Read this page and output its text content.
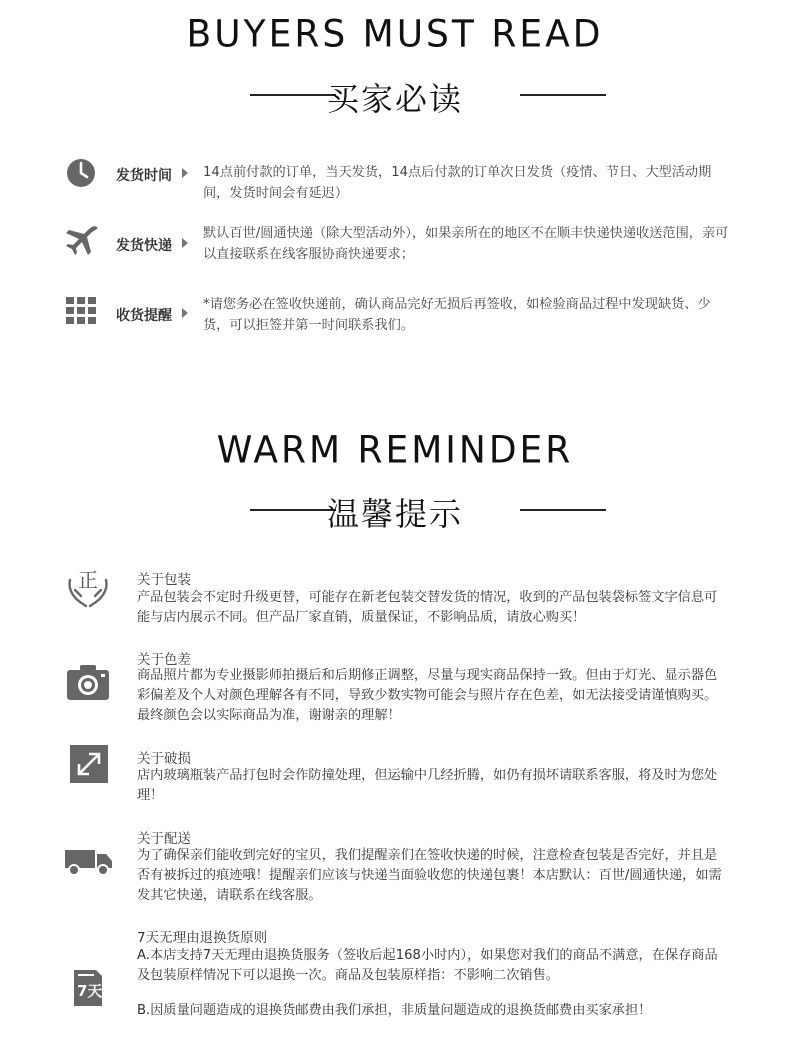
BUYERS MUST READ
买家必读
发货时间 14点前付款的订单，当天发货，14点后付款的订单次日发货（疫情、节日、大型活动期间，发货时间会有延迟）
发货快递
默认百世/圆通快递（除大型活动外），如果亲所在的地区不在顺丰快递快递收送范围，亲可以直接联系在线客服协商快递要求；
收货提醒
*请您务必在签收快递前，确认商品完好无损后再签收，如检验商品过程中发现缺货、少货，可以拒签并第一时间联系我们。
WARM REMINDER
温馨提示
正	关于包装
产品包装会不定时升级更替，可能存在新老包装交替发货的情况，收到的产品包装袋标签文字信息可能与店内展示不同。但产品厂家直销，质量保证，不影响品质，请放心购买！
关于色差
商品照片都为专业摄影师拍摄后和后期修正调整，尽量与现实商品保持一致。但由于灯光、显示器色彩偏差及个人对颜色理解各有不同，导致少数实物可能会与照片存在色差，如无法接受请谨慎购买。最终颜色会以实际商品为准，谢谢亲的理解！
关于破损
店内玻璃瓶装产品打包时会作防撞处理，但运输中几经折腾，如仍有损坏请联系客服，将及时为您处理！
关于配送
为了确保亲们能收到完好的宝贝，我们提醒亲们在签收快递的时候，注意检查包装是否完好，并且是否有被拆过的痕迹哦！提醒亲们应该与快递当面验收您的快递包裹！本店默认：百世/圆通快递，如需发其它快递，请联系在线客服。
7天
7天无理由退换货原则
A.本店支持7天无理由退换货服务（签收后起168小时内），如果您对我们的商品不满意，在保存商品及包装原样情况下可以退换一次。商品及包装原样指：不影响二次销售。
B.因质量问题造成的退换货邮费由我们承担，非质量问题造成的退换货邮费由买家承担！
